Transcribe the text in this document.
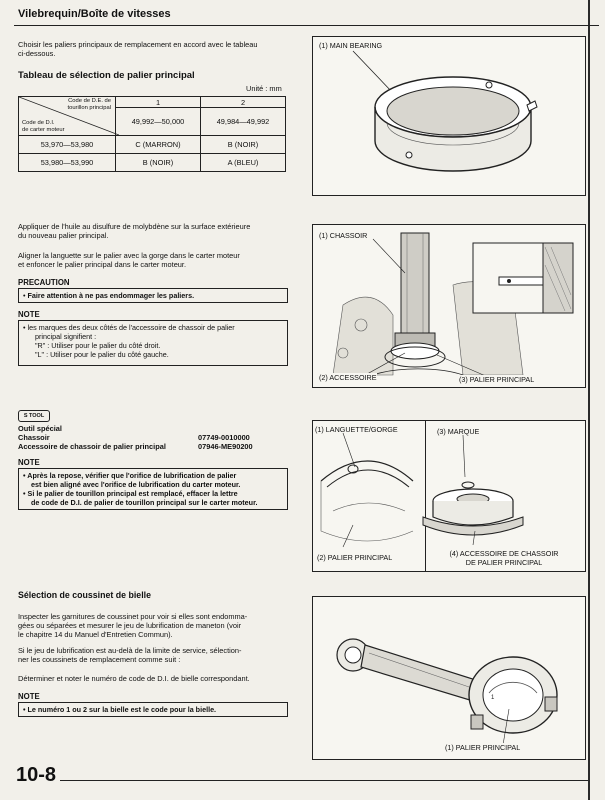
Vilebrequin/Boîte de vitesses
Choisir les paliers principaux de remplacement en accord avec le tableau
ci-dessous.
Tableau de sélection de palier principal
Unité : mm
Code de D.E. de
tourillon principal
Code de D.I.
de carter moteur	1	2
	49,992—50,000	49,984—49,992
53,970—53,980	C (MARRON)	B (NOIR)
53,980—53,990	B (NOIR)	A (BLEU)
(1) MAIN BEARING
Appliquer de l'huile au disulfure de molybdène sur la surface extérieure
du nouveau palier principal.
Aligner la languette sur le palier avec la gorge dans le carter moteur
et enfoncer le palier principal dans le carter moteur.
PRECAUTION
• Faire attention à ne pas endommager les paliers.
NOTE
• les marques des deux côtés de l'accessoire de chassoir de palier
principal signifient :
"R" : Utiliser pour le palier du côté droit.
"L" : Utiliser pour le palier du côté gauche.
(1) CHASSOIR
(2) ACCESSOIRE	(3) PALIER PRINCIPAL
S TOOL
Outil spécial
Chassoir	07749-0010000
Accessoire de chassoir de palier principal	07946-ME90200
NOTE
• Après la repose, vérifier que l'orifice de lubrification de palier
est bien aligné avec l'orifice de lubrification du carter moteur.
• Si le palier de tourillon principal est remplacé, effacer la lettre
de code de D.I. de palier de tourillon principal sur le carter moteur.
(1) LANGUETTE/GORGE	(3) MARQUE
(2) PALIER PRINCIPAL	(4) ACCESSOIRE DE CHASSOIR
DE PALIER PRINCIPAL
Sélection de coussinet de bielle
Inspecter les garnitures de coussinet pour voir si elles sont endomma-
gées ou séparées et mesurer le jeu de lubrification de maneton (voir
le chapitre 14 du Manuel d'Entretien Commun).
Si le jeu de lubrification est au-delà de la limite de service, sélection-
ner les coussinets de remplacement comme suit :
Déterminer et noter le numéro de code de D.I. de bielle correspondant.
NOTE
• Le numéro 1 ou 2 sur la bielle est le code pour la bielle.
1
(1) PALIER PRINCIPAL
10-8
